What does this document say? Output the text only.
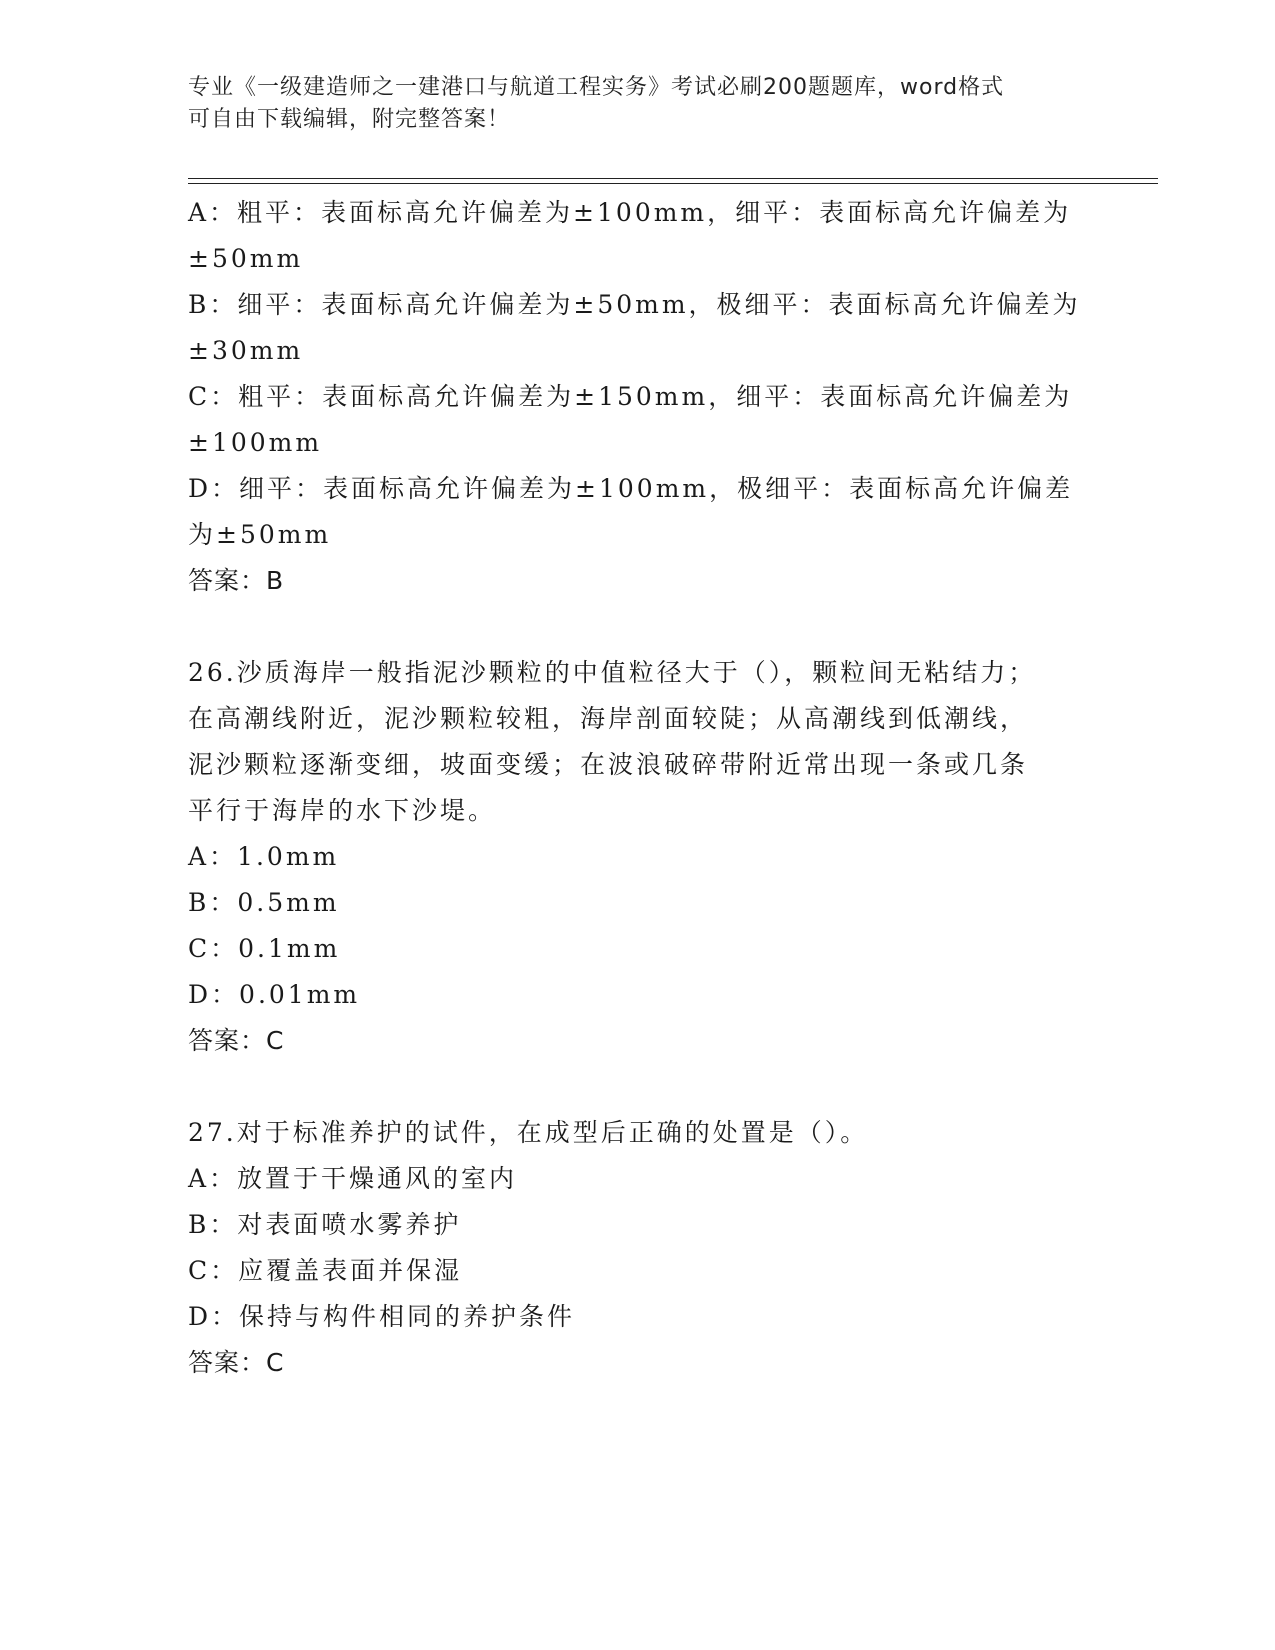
专业《一级建造师之一建港口与航道工程实务》考试必刷200题题库，word格式
可自由下载编辑，附完整答案！
A：粗平：表面标高允许偏差为±100mm，细平：表面标高允许偏差为
±50mm
B：细平：表面标高允许偏差为±50mm，极细平：表面标高允许偏差为
±30mm
C：粗平：表面标高允许偏差为±150mm，细平：表面标高允许偏差为
±100mm
D：细平：表面标高允许偏差为±100mm，极细平：表面标高允许偏差
为±50mm
答案：B
26.沙质海岸一般指泥沙颗粒的中值粒径大于（），颗粒间无粘结力；
在高潮线附近，泥沙颗粒较粗，海岸剖面较陡；从高潮线到低潮线，
泥沙颗粒逐渐变细，坡面变缓；在波浪破碎带附近常出现一条或几条
平行于海岸的水下沙堤。
A：1.0mm
B：0.5mm
C：0.1mm
D：0.01mm
答案：C
27.对于标准养护的试件，在成型后正确的处置是（）。
A：放置于干燥通风的室内
B：对表面喷水雾养护
C：应覆盖表面并保湿
D：保持与构件相同的养护条件
答案：C
